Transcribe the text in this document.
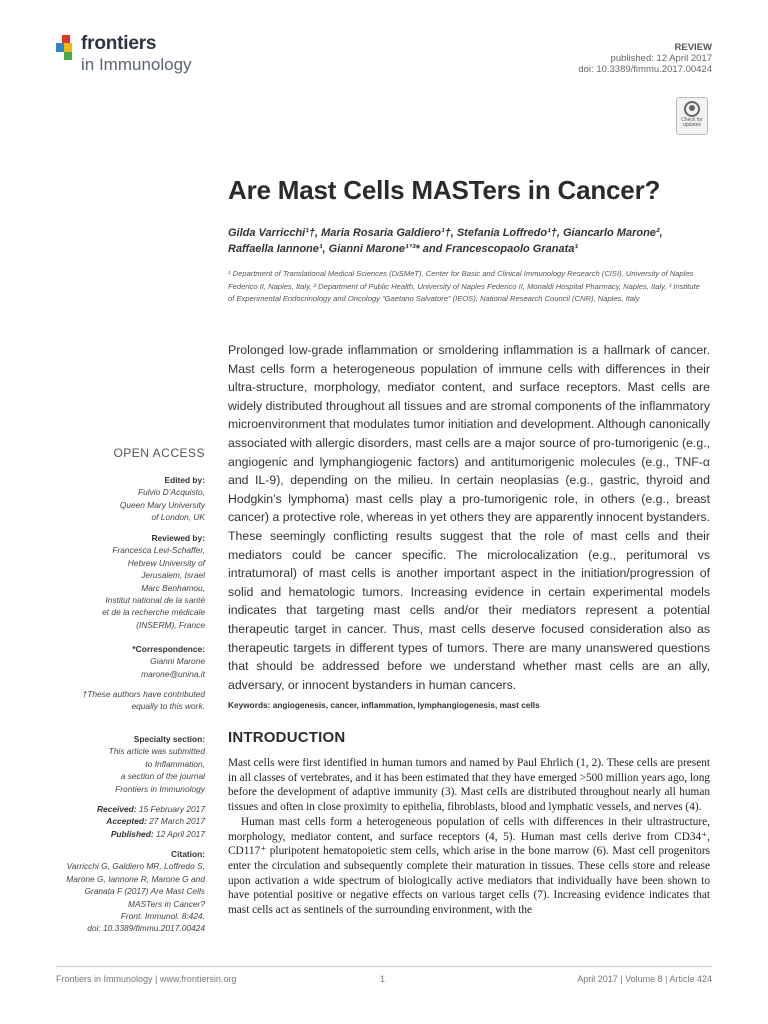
frontiers
in Immunology
REVIEW
published: 12 April 2017
doi: 10.3389/fimmu.2017.00424
Check for updates
Are Mast Cells MASTers in Cancer?
Gilda Varricchi¹†, Maria Rosaria Galdiero¹†, Stefania Loffredo¹†, Giancarlo Marone²,
Raffaella Iannone¹, Gianni Marone¹ʼ³* and Francescopaolo Granata¹
¹ Department of Translational Medical Sciences (DiSMeT), Center for Basic and Clinical Immunology Research (CISI), University of Naples Federico II, Naples, Italy, ² Department of Public Health, University of Naples Federico II, Monaldi Hospital Pharmacy, Naples, Italy, ³ Institute of Experimental Endocrinology and Oncology “Gaetano Salvatore” (IEOS), National Research Council (CNR), Naples, Italy
Prolonged low-grade inflammation or smoldering inflammation is a hallmark of cancer. Mast cells form a heterogeneous population of immune cells with differences in their ultra-structure, morphology, mediator content, and surface receptors. Mast cells are widely distributed throughout all tissues and are stromal components of the inflammatory microenvironment that modulates tumor initiation and development. Although canonically associated with allergic disorders, mast cells are a major source of pro-tumorigenic (e.g., angiogenic and lymphangiogenic factors) and antitumorigenic molecules (e.g., TNF-α and IL-9), depending on the milieu. In certain neoplasias (e.g., gastric, thyroid and Hodgkin’s lymphoma) mast cells play a pro-tumorigenic role, in others (e.g., breast cancer) a protective role, whereas in yet others they are apparently innocent bystanders. These seemingly conflicting results suggest that the role of mast cells and their mediators could be cancer specific. The microlocalization (e.g., peritumoral vs intratumoral) of mast cells is another important aspect in the initiation/progression of solid and hematologic tumors. Increasing evidence in certain experimental models indicates that targeting mast cells and/or their mediators represent a potential therapeutic target in cancer. Thus, mast cells deserve focused consideration also as therapeutic targets in different types of tumors. There are many unanswered questions that should be addressed before we understand whether mast cells are an ally, adversary, or innocent bystanders in human cancers.
Keywords: angiogenesis, cancer, inflammation, lymphangiogenesis, mast cells
INTRODUCTION

Mast cells were first identified in human tumors and named by Paul Ehrlich (1, 2). These cells are present in all classes of vertebrates, and it has been estimated that they have emerged >500 million years ago, long before the development of adaptive immunity (3). Mast cells are distributed throughout nearly all human tissues and often in close proximity to epithelia, fibroblasts, blood and lymphatic vessels, and nerves (4).

Human mast cells form a heterogeneous population of cells with differences in their ultrastructure, morphology, mediator content, and surface receptors (4, 5). Human mast cells derive from CD34⁺, CD117⁺ pluripotent hematopoietic stem cells, which arise in the bone marrow (6). Mast cell progenitors enter the circulation and subsequently complete their maturation in tissues. These cells store and release upon activation a wide spectrum of biologically active mediators that individually have been shown to have potential positive or negative effects on various target cells (7). Increasing evidence indicates that mast cells act as sentinels of the surrounding environment, with the

OPEN ACCESS
Edited by:
Fulvio D’Acquisto,
Queen Mary University
of London, UK
Reviewed by:
Francesca Levi-Schaffer,
Hebrew University of
Jerusalem, Israel
Marc Benhamou,
Institut national de la santé
et de la recherche médicale
(INSERM), France
*Correspondence:
Gianni Marone
marone@unina.it
†These authors have contributed
equally to this work.
Specialty section:
This article was submitted
to Inflammation,
a section of the journal
Frontiers in Immunology
Received: 15 February 2017
Accepted: 27 March 2017
Published: 12 April 2017
Citation:
Varricchi G, Galdiero MR, Loffredo S,
Marone G, Iannone R, Marone G and
Granata F (2017) Are Mast Cells
MASTers in Cancer?
Front. Immunol. 8:424.
doi: 10.3389/fimmu.2017.00424
Frontiers in Immunology | www.frontiersin.org	1	April 2017 | Volume 8 | Article 424
